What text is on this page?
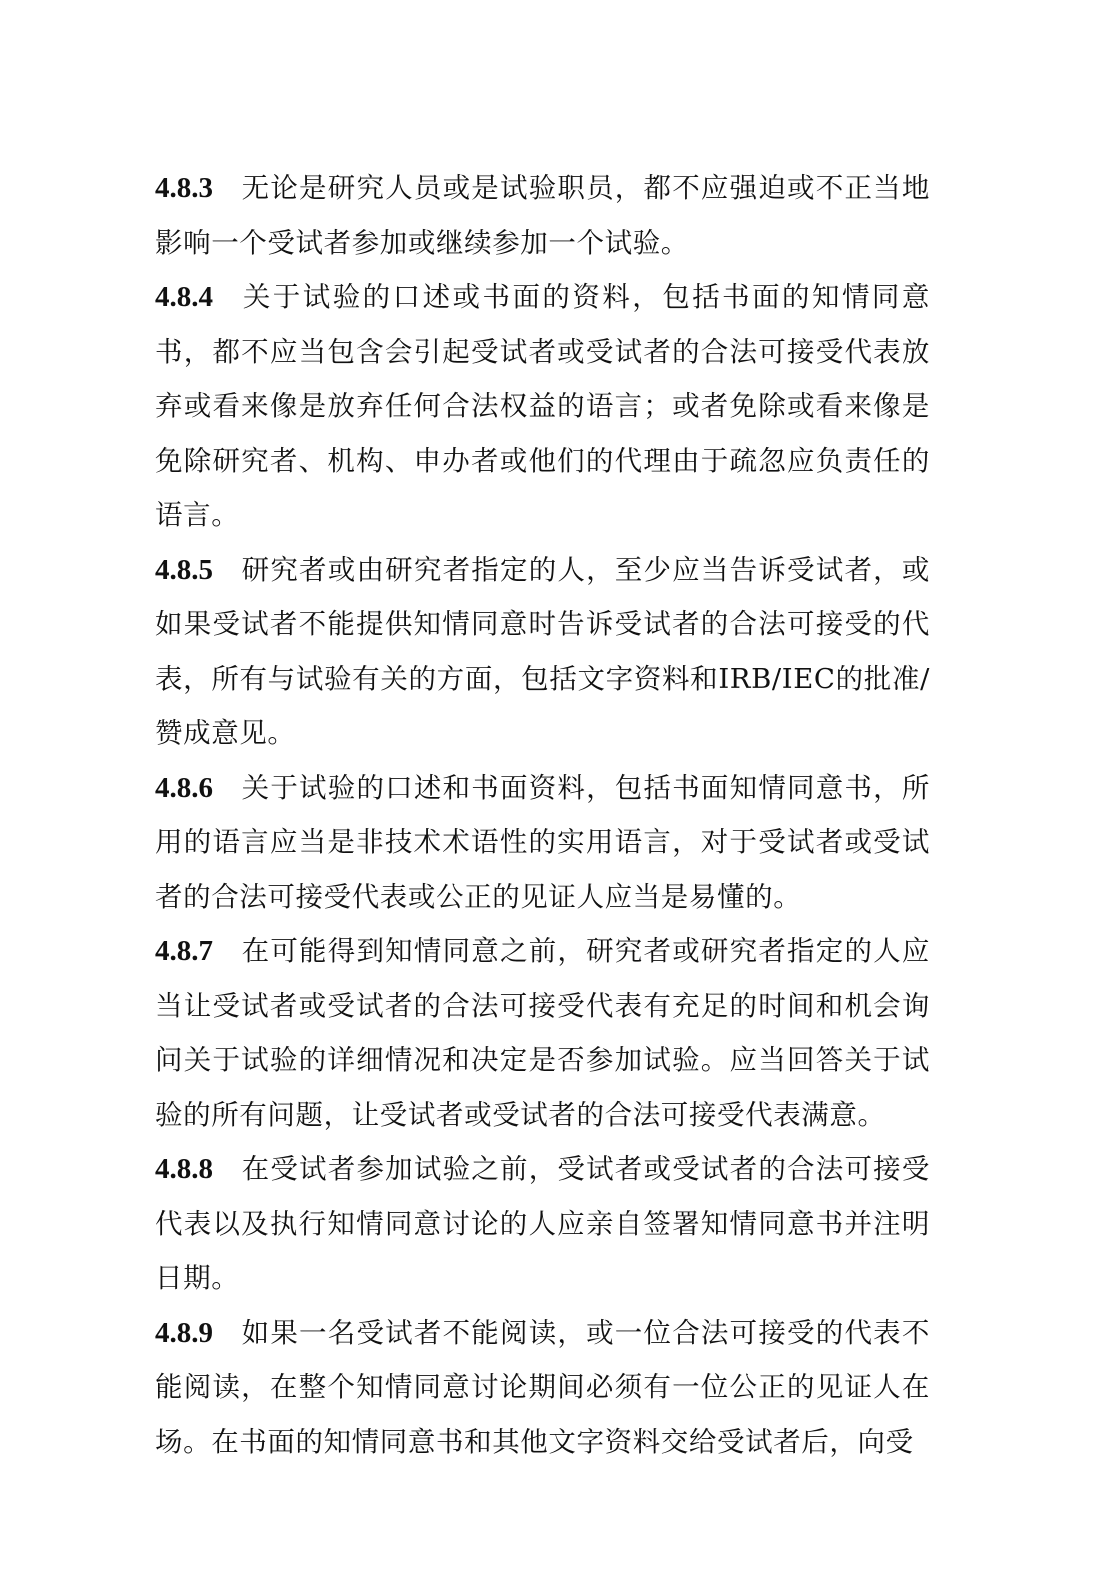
4.8.3 无论是研究人员或是试验职员，都不应强迫或不正当地影响一个受试者参加或继续参加一个试验。

4.8.4 关于试验的口述或书面的资料，包括书面的知情同意书，都不应当包含会引起受试者或受试者的合法可接受代表放弃或看来像是放弃任何合法权益的语言；或者免除或看来像是免除研究者、机构、申办者或他们的代理由于疏忽应负责任的语言。

4.8.5 研究者或由研究者指定的人，至少应当告诉受试者，或如果受试者不能提供知情同意时告诉受试者的合法可接受的代表，所有与试验有关的方面，包括文字资料和IRB/IEC的批准/赞成意见。

4.8.6 关于试验的口述和书面资料，包括书面知情同意书，所用的语言应当是非技术术语性的实用语言，对于受试者或受试者的合法可接受代表或公正的见证人应当是易懂的。

4.8.7 在可能得到知情同意之前，研究者或研究者指定的人应当让受试者或受试者的合法可接受代表有充足的时间和机会询问关于试验的详细情况和决定是否参加试验。应当回答关于试验的所有问题，让受试者或受试者的合法可接受代表满意。

4.8.8 在受试者参加试验之前，受试者或受试者的合法可接受代表以及执行知情同意讨论的人应亲自签署知情同意书并注明日期。

4.8.9 如果一名受试者不能阅读，或一位合法可接受的代表不能阅读，在整个知情同意讨论期间必须有一位公正的见证人在场。在书面的知情同意书和其他文字资料交给受试者后，向受
